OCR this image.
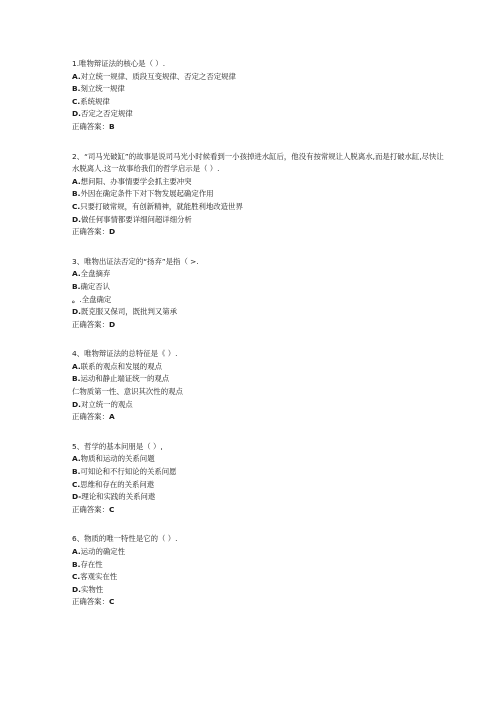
1.唯物辩证法的核心是（ ）.
A.对立统一规律、质段互变规律、否定之否定规律
B.刻立统一规律
C.系统规律
D.否定之否定规律
正确答案：B
2、“司马光破缸”的故事是说司马光小时候看到一小孩掉进水缸后，他没有按常规让人脱离水,而是打破水缸,尽快让水脱离人.这一故事给我们的哲学启示是（ ）.
A.想问阳、办事情要学会抓主要冲突
B.外因在确定条件下对下物发展起确定作用
C.只要打破常规，有创新精神，就能胜利地改造世界
D.做任何事情都要详细问超详细分析
正确答案：D
3、唯物出证法否定的“扬弃”是指（ >.
A.全盘摘弃
B.确定否认
。.全盘确定
D.既克服又保司，既批判又第承
正确答案：D
4、唯物辩证法的总特征是《 ）.
A.联系的观点和发展的观点
B.运动和静止端证统一的观点
仁物质第一性、意识其次性的观点
D.对立统一的观点
正确答案：A
5、哲学的基本问朋是（ ）,
A.物质和运动的关系问题
B.可知论和不行知论的关系问愿
C.思维和存在的关系问遨
D-理论和实践的关系问遨
正确答案：C
6、物质的唯一特性是它的（ ）.
A.运动的确定性
B.存在性
C.客观实在性
D.实物性
正确答案：C
